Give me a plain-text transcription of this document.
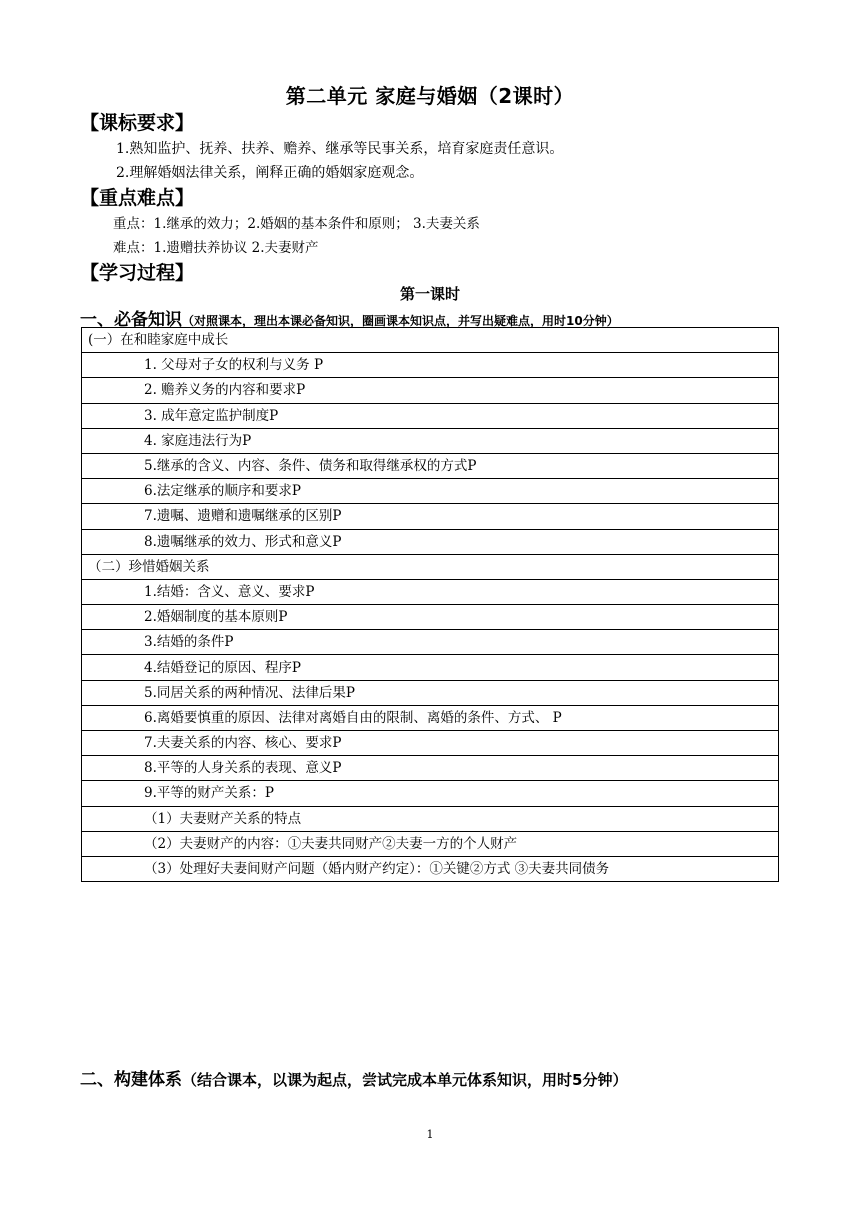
第二单元 家庭与婚姻（2课时）
【课标要求】
1.熟知监护、抚养、扶养、赡养、继承等民事关系，培育家庭责任意识。
2.理解婚姻法律关系，阐释正确的婚姻家庭观念。
【重点难点】
重点：1.继承的效力；2.婚姻的基本条件和原则； 3.夫妻关系
难点：1.遗赠扶养协议 2.夫妻财产
【学习过程】
第一课时
一、必备知识（对照课本，理出本课必备知识，圈画课本知识点，并写出疑难点，用时10分钟）
(一）在和睦家庭中成长
1. 父母对子女的权利与义务 P
2. 赡养义务的内容和要求P
3. 成年意定监护制度P
4. 家庭违法行为P
5.继承的含义、内容、条件、债务和取得继承权的方式P
6.法定继承的顺序和要求P
7.遗嘱、遗赠和遗嘱继承的区别P
8.遗嘱继承的效力、形式和意义P
（二）珍惜婚姻关系
1.结婚：含义、意义、要求P
2.婚姻制度的基本原则P
3.结婚的条件P
4.结婚登记的原因、程序P
5.同居关系的两种情况、法律后果P
6.离婚要慎重的原因、法律对离婚自由的限制、离婚的条件、方式、 P
7.夫妻关系的内容、核心、要求P
8.平等的人身关系的表现、意义P
9.平等的财产关系：P
（1）夫妻财产关系的特点
（2）夫妻财产的内容：①夫妻共同财产②夫妻一方的个人财产
（3）处理好夫妻间财产问题（婚内财产约定）：①关键②方式 ③夫妻共同债务
二、构建体系（结合课本，以课为起点，尝试完成本单元体系知识，用时5分钟）
1
